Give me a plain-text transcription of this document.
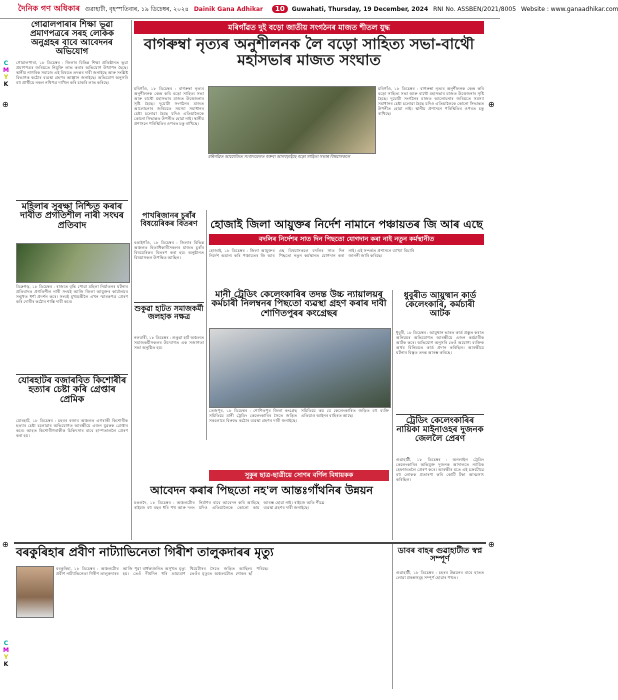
দৈনিক গণ অধিকাৰ গুৱাহাটী, বৃহস্পতিবাৰ, ১৯ ডিচেম্বৰ, ২০২৪ Dainik Gana Adhikar	10	Guwahati, Thursday, 19 December, 2024 RNI No. ASSBEN/2021/8005 Website : www.ganaadhikar.com
C
M
Y
K
C
M
Y
K
⊕	⊕
⊕	⊕
গোৱালপাৰাৰ শিক্ষা ভূৱা প্ৰমাণপত্ৰৰে সৰহ লোকক অনুগ্ৰহৰ বাবে আবেদনৰ অভিযোগ

গোৱালপাৰা, ১৮ ডিচেম্বৰ : জিলাৰ বিভিন্ন শিক্ষা প্ৰতিষ্ঠানত ভূৱা প্ৰমাণপত্ৰৰ জৰিয়তে নিযুক্তি লাভ কৰাৰ অভিযোগ উত্থাপন হৈছে। স্থানীয় নাগৰিক সমাজে এই বিষয়ত তদন্তৰ দাবী জনাইছে আৰু সংশ্লিষ্ট বিভাগক কঠোৰ ব্যৱস্থা গ্ৰহণৰ আহ্বান জনাইছে। অভিযোগ অনুসৰি বহু প্ৰাৰ্থীয়ে নকল নথিপত্ৰ দাখিল কৰি চাকৰি লাভ কৰিছে।

মহিলাৰ সুৰক্ষা নিশ্চিত কৰাৰ দাবীত প্ৰগতিশীল নাৰী সংঘৰ প্ৰতিবাদ

ডিব্ৰুগড়, ১৮ ডিচেম্বৰ : ৰাজ্যত বৃদ্ধি পোৱা মহিলা নিৰ্যাতনৰ ঘটনাৰ প্ৰতিবাদত প্ৰগতিশীল নাৰী সংঘই আজি জিলা আয়ুক্তৰ কাৰ্যালয়ৰ সন্মুখত ধৰ্ণা প্ৰদৰ্শন কৰে। সংঘই মুখ্যমন্ত্ৰীলৈ এখন স্মাৰকপত্ৰ প্ৰেৰণ কৰি দোষীৰ কঠোৰ শাস্তি দাবী কৰে।

যোৰহাটৰ বজাৰবিত কিশোৰীৰ হত্যাৰ চেষ্টা কৰি গ্ৰেপ্তাৰ প্ৰেমিক

যোৰহাট, ১৮ ডিচেম্বৰ : চহৰৰ বজাৰ অঞ্চলত এগৰাকী কিশোৰীক হত্যাৰ চেষ্টা চলোৱাৰ অভিযোগত আৰক্ষীয়ে এজন যুৱকক গ্ৰেপ্তাৰ কৰে। আহত কিশোৰীগৰাকীক চিকিৎসাৰ বাবে হাস্পতাললৈ প্ৰেৰণ কৰা হয়।

মৰিগাঁৱত দুই বড়ো জাতীয় সংগঠনৰ মাজত শীতল যুদ্ধ
বাগৰুম্বা নৃত্যৰ অনুশীলনক লৈ বড়ো সাহিত্য সভা-বাথৌ মহাসভাৰ মাজত সংঘাত

মৰিগাঁও, ১৮ ডিচেম্বৰ : বাগৰুম্বা নৃত্যৰ অনুশীলনক কেন্দ্ৰ কৰি বড়ো সাহিত্য সভা আৰু বাথৌ মহাসভাৰ মাজত উত্তেজনাৰ সৃষ্টি হৈছে। দুয়োটা সংগঠনৰ মাজত আলোচনাৰ জৰিয়তে সমস্যা সমাধানৰ চেষ্টা চলোৱা হৈছে যদিও এতিয়ালৈকে কোনো সিদ্ধান্তত উপনীত হোৱা নাই। স্থানীয় প্ৰশাসনে পৰিস্থিতিৰ ওপৰত চকু ৰাখিছে।

মৰিগাঁৱত আয়োজিত সংবাদমেলত বক্তব্য আগবঢ়াইছে বড়ো সাহিত্য সভাৰ বিষয়াসকলে

মৰিগাঁও, ১৮ ডিচেম্বৰ : বাগৰুম্বা নৃত্যৰ অনুশীলনক কেন্দ্ৰ কৰি বড়ো সাহিত্য সভা আৰু বাথৌ মহাসভাৰ মাজত উত্তেজনাৰ সৃষ্টি হৈছে। দুয়োটা সংগঠনৰ মাজত আলোচনাৰ জৰিয়তে সমস্যা সমাধানৰ চেষ্টা চলোৱা হৈছে যদিও এতিয়ালৈকে কোনো সিদ্ধান্তত উপনীত হোৱা নাই। স্থানীয় প্ৰশাসনে পৰিস্থিতিৰ ওপৰত চকু ৰাখিছে।

পাখৰিজানৰ চুৰাঁৰ বিষয়েৰিকৰ বিতৰণ

বঙাইগাঁও, ১৮ ডিচেম্বৰ : জিলাৰ বিভিন্ন অঞ্চলত হিতাধিকাৰীসকলৰ মাজত চুৰাঁৰ বিষয়েৰিকৰ বিতৰণ কৰা হয়। অনুষ্ঠানত বিষয়াসকল উপস্থিত আছিল।

শুকুৱা হাটত সমাজকৰ্মী জলহাক নক্ষত্ৰ

নলবাৰী, ১৮ ডিচেম্বৰ : শুকুৱা হাট অঞ্চলত সমাজকৰ্মীসকলৰ উদ্যোগত এক সজাগতা সভা অনুষ্ঠিত হয়।

হোজাই জিলা আয়ুক্তৰ নিৰ্দেশ নামানে পঞ্চায়তৰ জি আৰ এছে
বদলিৰ নিৰ্দেশৰ সাত দিন পিছতো যোগদান কৰা নাই নতুন কৰ্মস্থানীত

হোজাই, ১৮ ডিচেম্বৰ : জিলা আয়ুক্তৰ নিৰ্দেশ অমান্য কৰি পঞ্চায়তৰ জি আৰ এছ বিষয়াসকলে বদলিৰ সাত দিন পিছতো নতুন কৰ্মস্থানত যোগদান কৰা নাই। এই সন্দৰ্ভত প্ৰশাসনে ব্যাখ্যা বিচাৰি জাননী জাৰি কৰিছে।

মানী ট্ৰেডিং কেলেংকাৰিৰ তদন্ত উচ্চ ন্যায়ালয়ৰ কৰ্মচাৰী নিলম্বনৰ পিছতো ব্যৱস্থা গ্ৰহণ কৰাৰ দাবী শোণিতপুৰৰ কংগ্ৰেছৰ

তেজপুৰ, ১৮ ডিচেম্বৰ : শোণিতপুৰ জিলা কংগ্ৰেছ সমিতিয়ে মানী ট্ৰেডিং কেলেংকাৰিৰ সৈতে জড়িত সকলোৰে বিৰুদ্ধে কঠোৰ ব্যৱস্থা গ্ৰহণৰ দাবী জনাইছে। সমিতিয়ে কয় যে কেলেংকাৰিত জড়িত বহু ব্যক্তি এতিয়াও আইনৰ বাহিৰত আছে।

সুকুৰ ছাত্ৰ-ছাত্ৰীয়ে সোণৰ বৰ্ণিল বিধায়কক
ধুবুৰীত আয়ুষ্মান কাৰ্ড কেলেংকাৰি, কৰ্মচাৰী আটক

ধুবুৰী, ১৮ ডিচেম্বৰ : আয়ুষ্মান ভাৰত কাৰ্ড প্ৰস্তুত কৰাত অনিয়মৰ অভিযোগত আৰক্ষীয়ে এজন কৰ্মচাৰীক আটক কৰে। অভিযোগ অনুসৰি তেওঁ অযোগ্য ব্যক্তিক অৰ্থৰ বিনিময়ত কাৰ্ড প্ৰদান কৰিছিল। আৰক্ষীয়ে ঘটনাৰ বিস্তৃত তদন্ত আৰম্ভ কৰিছে।

ট্ৰেডিং কেলেংকাৰিৰ নায়িকা মাইনাওহৰ দুজনক জেললৈ প্ৰেৰণ

গুৱাহাটী, ১৮ ডিচেম্বৰ : অনলাইন ট্ৰেডিং কেলেংকাৰিৰ অভিযুক্ত দুজনক আদালতে ন্যায়িক হেফাজতলৈ প্ৰেৰণ কৰে। আৰক্ষীৰ মতে এই চক্ৰটোৱে বহু লোকক প্ৰতাৰণা কৰি কোটি টকা আত্মসাৎ কৰিছিল।

আবেদন কৰাৰ পিছতো নহ'ল আন্তঃগাঁথনিৰ উন্নয়ন

মঙলদৈ, ১৮ ডিচেম্বৰ : অঞ্চলটোৰ ৰাইজে বহু বছৰ ধৰি পথ আৰু দলং নিৰ্মাণৰ বাবে আবেদন কৰি আহিছে যদিও এতিয়ালৈকে কোনো কাম আৰম্ভ হোৱা নাই। ৰাইজে অতি শীঘ্ৰে ব্যৱস্থা গ্ৰহণৰ দাবী জনাইছে।

বৰকুৰিহাৰ প্ৰবীণ নাট্যাভিনেতা গিৰীশ তালুকদাৰৰ মৃত্যু

বৰকুৰিহা, ১৮ ডিচেম্বৰ : অঞ্চলটোৰ প্ৰবীণ নাট্যাভিনেতা গিৰীশ তালুকদাৰৰ আজি পুৱা বাৰ্ধক্যজনিত অসুখত মৃত্যু হয়। তেওঁ দীৰ্ঘদিন ধৰি ভ্ৰাম্যমাণ থিয়েটাৰৰ সৈতে জড়িত আছিল। তেওঁৰ মৃত্যুত অঞ্চলটোত শোকৰ ছাঁ পৰিছে।

ডাবৰ বাহৰ গুৱাহাটীত স্বপ্ন সম্পূৰ্ণ

গুৱাহাটী, ১৮ ডিচেম্বৰ : চহৰৰ উন্নয়নৰ বাবে হাতত লোৱা প্ৰকল্পসমূহ সম্পূৰ্ণ হোৱাৰ পথত।
